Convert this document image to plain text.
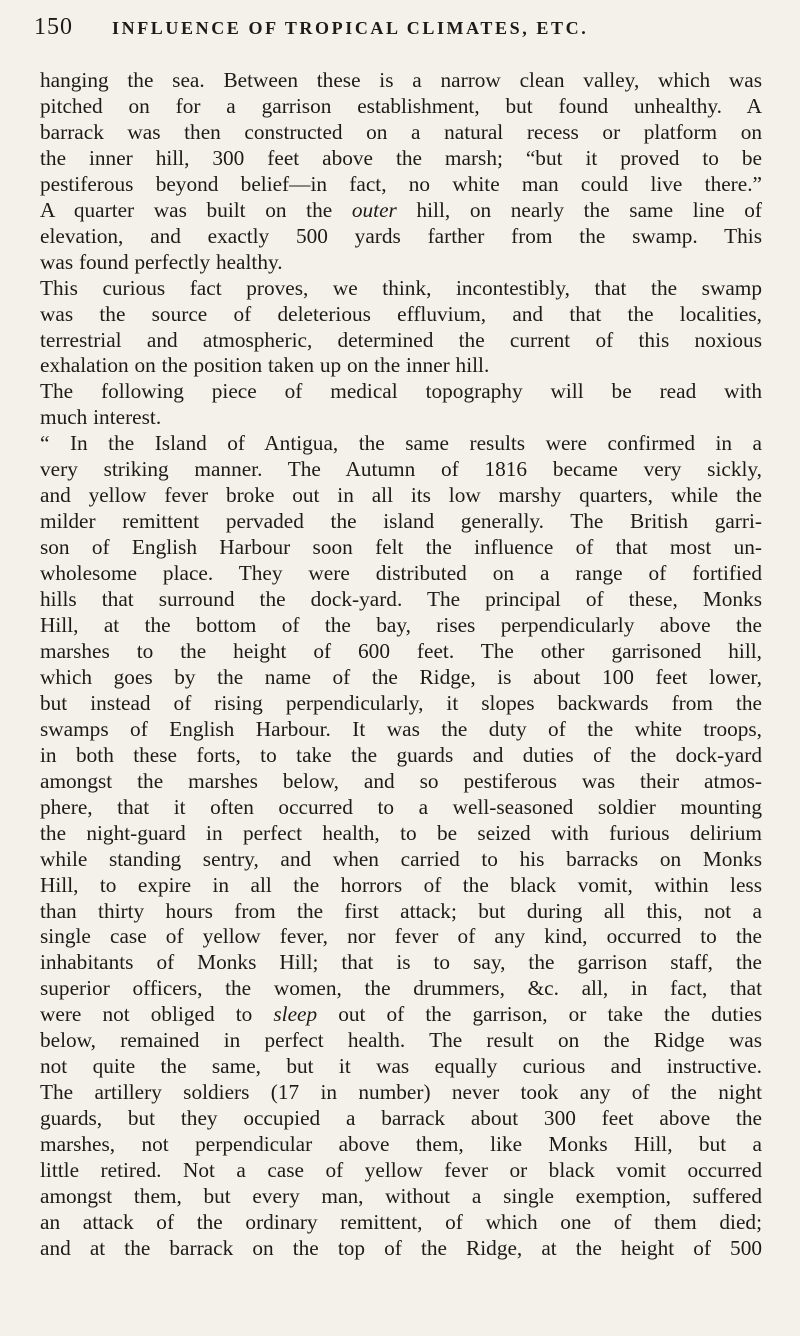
150	INFLUENCE OF TROPICAL CLIMATES, ETC.
hanging the sea. Between these is a narrow clean valley, which was
pitched on for a garrison establishment, but found unhealthy. A
barrack was then constructed on a natural recess or platform on
the inner hill, 300 feet above the marsh; “but it proved to be
pestiferous beyond belief—in fact, no white man could live there.”
A quarter was built on the outer hill, on nearly the same line of
elevation, and exactly 500 yards farther from the swamp. This
was found perfectly healthy.
This curious fact proves, we think, incontestibly, that the swamp
was the source of deleterious effluvium, and that the localities,
terrestrial and atmospheric, determined the current of this noxious
exhalation on the position taken up on the inner hill.
The following piece of medical topography will be read with
much interest.
“ In the Island of Antigua, the same results were confirmed in a
very striking manner. The Autumn of 1816 became very sickly,
and yellow fever broke out in all its low marshy quarters, while the
milder remittent pervaded the island generally. The British garri-
son of English Harbour soon felt the influence of that most un-
wholesome place. They were distributed on a range of fortified
hills that surround the dock-yard. The principal of these, Monks
Hill, at the bottom of the bay, rises perpendicularly above the
marshes to the height of 600 feet. The other garrisoned hill,
which goes by the name of the Ridge, is about 100 feet lower,
but instead of rising perpendicularly, it slopes backwards from the
swamps of English Harbour. It was the duty of the white troops,
in both these forts, to take the guards and duties of the dock-yard
amongst the marshes below, and so pestiferous was their atmos-
phere, that it often occurred to a well-seasoned soldier mounting
the night-guard in perfect health, to be seized with furious delirium
while standing sentry, and when carried to his barracks on Monks
Hill, to expire in all the horrors of the black vomit, within less
than thirty hours from the first attack; but during all this, not a
single case of yellow fever, nor fever of any kind, occurred to the
inhabitants of Monks Hill; that is to say, the garrison staff, the
superior officers, the women, the drummers, &c. all, in fact, that
were not obliged to sleep out of the garrison, or take the duties
below, remained in perfect health. The result on the Ridge was
not quite the same, but it was equally curious and instructive.
The artillery soldiers (17 in number) never took any of the night
guards, but they occupied a barrack about 300 feet above the
marshes, not perpendicular above them, like Monks Hill, but a
little retired. Not a case of yellow fever or black vomit occurred
amongst them, but every man, without a single exemption, suffered
an attack of the ordinary remittent, of which one of them died;
and at the barrack on the top of the Ridge, at the height of 500
